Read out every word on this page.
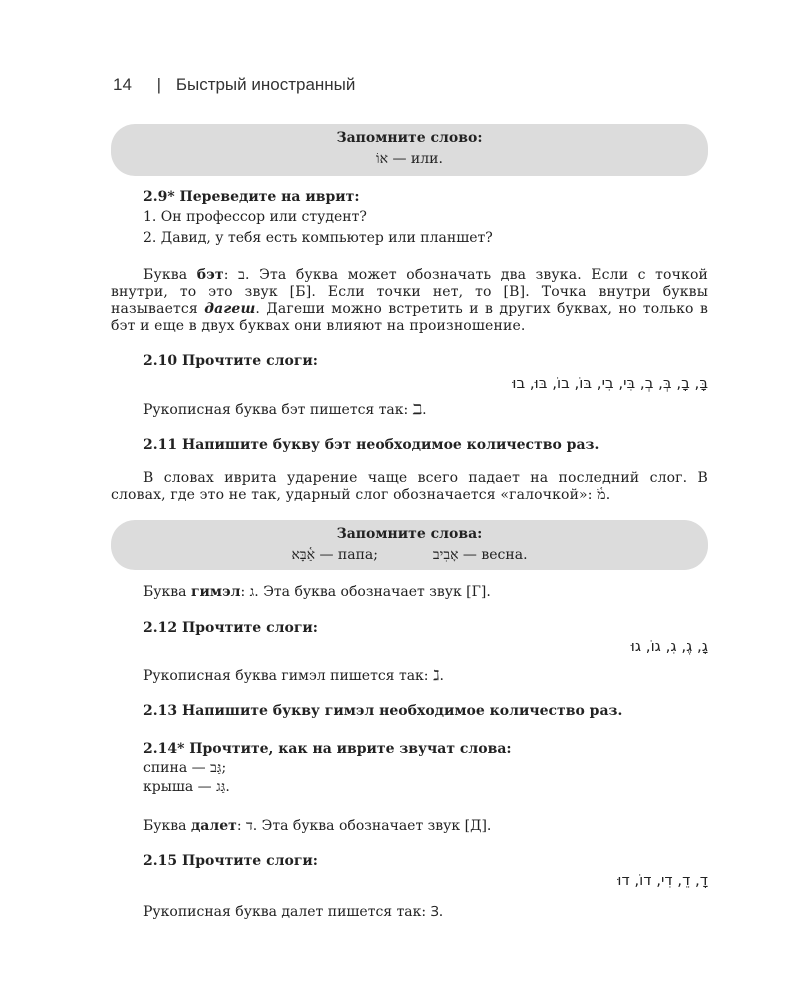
14 | Быстрый иностранный
Запомните слово:
אוֹ — или.
2.9* Переведите на иврит:
1. Он профессор или студент?
2. Давид, у тебя есть компьютер или планшет?
Буква бэт: ב. Эта буква может обозначать два звука. Если с точкой внутри, то это звук [Б]. Если точки нет, то [В]. Точка внутри буквы называется дагеш. Дагеши можно встретить и в других буквах, но только в бэт и еще в двух буквах они влияют на произношение.
2.10 Прочтите слоги:
בָּ, בָ, בְּ, בְ, בִּי, בִי, בּוֹ, בוֹ, בּוּ, בוּ
Рукописная буква бэт пишется так: ℶ.
2.11 Напишите букву бэт необходимое количество раз.
В словах иврита ударение чаще всего падает на последний слог. В словах, где это не так, ударный слог обозначается «галочкой»: מֹ֫.
Запомните слова:
אַ֫בָּא — папа;	אָבִיב — весна.
Буква гимэл: ג. Эта буква обозначает звук [Г].
2.12 Прочтите слоги:
גָ, גֶ, גִ, גוֹ, גוּ
Рукописная буква гимэл пишется так: ℷ.
2.13 Напишите букву гимэл необходимое количество раз.
2.14* Прочтите, как на иврите звучат слова:
спина — גַּב;
крыша — גַּג.
Буква далет: ד. Эта буква обозначает звук [Д].
2.15 Прочтите слоги:
דָ, דֵ, דִי, דוֹ, דוּ
Рукописная буква далет пишется так: Ɜ.
